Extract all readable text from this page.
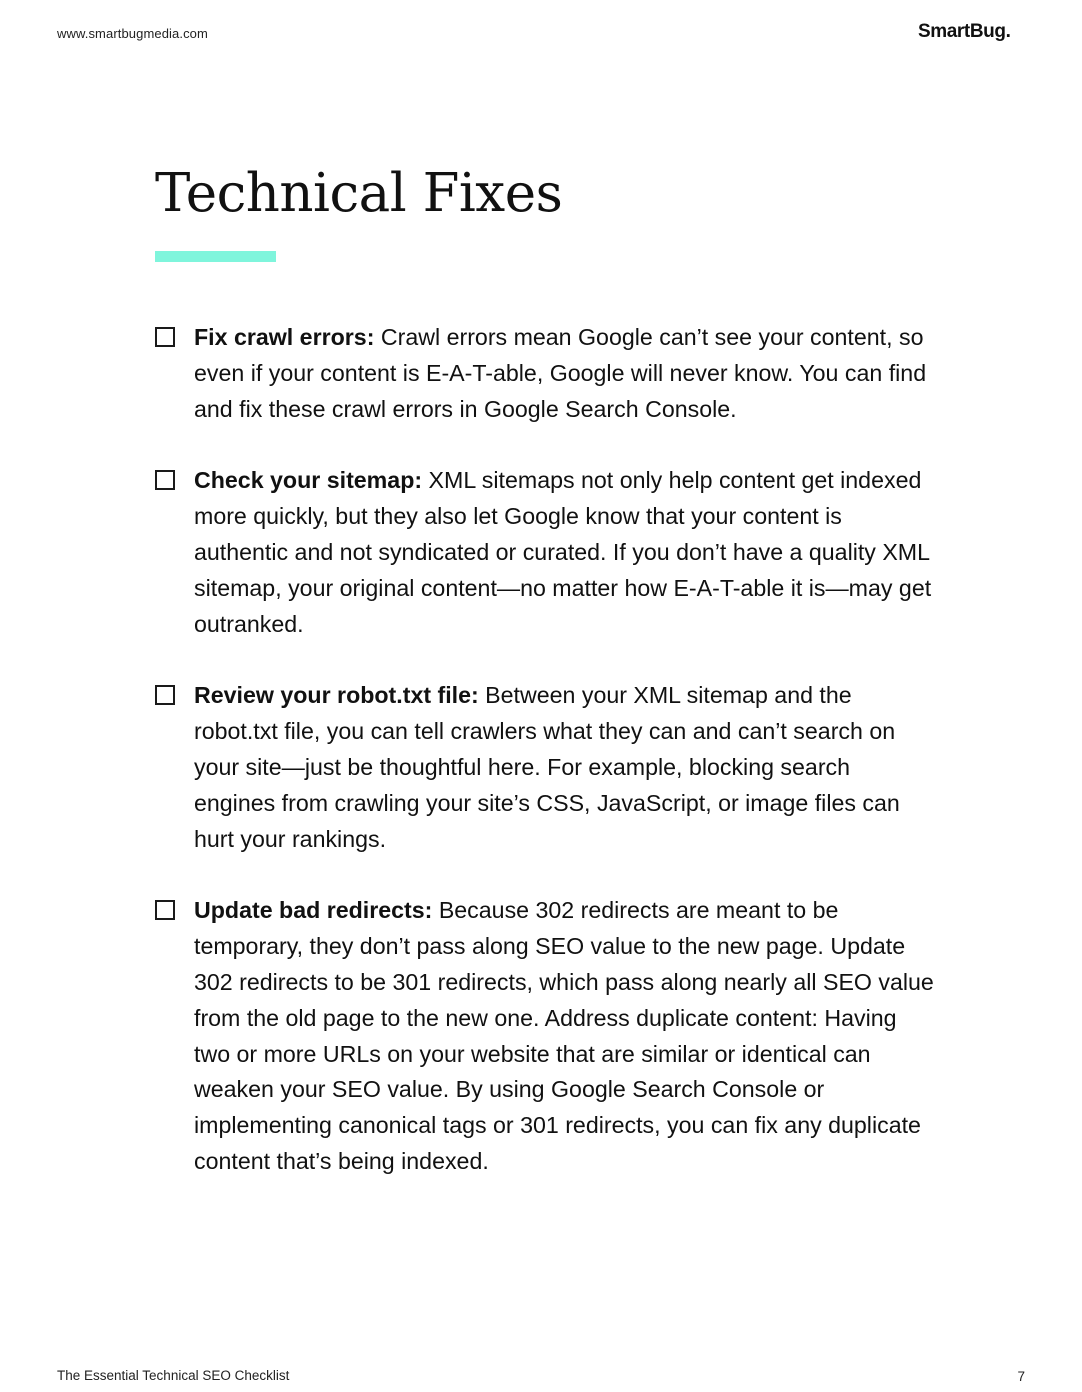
www.smartbugmedia.com	SmartBug.
Technical Fixes
Fix crawl errors: Crawl errors mean Google can’t see your content, so even if your content is E-A-T-able, Google will never know. You can find and fix these crawl errors in Google Search Console.
Check your sitemap: XML sitemaps not only help content get indexed more quickly, but they also let Google know that your content is authentic and not syndicated or curated. If you don’t have a quality XML sitemap, your original content—no matter how E-A-T-able it is—may get outranked.
Review your robot.txt file: Between your XML sitemap and the robot.txt file, you can tell crawlers what they can and can’t search on your site—just be thoughtful here. For example, blocking search engines from crawling your site’s CSS, JavaScript, or image files can hurt your rankings.
Update bad redirects: Because 302 redirects are meant to be temporary, they don’t pass along SEO value to the new page. Update 302 redirects to be 301 redirects, which pass along nearly all SEO value from the old page to the new one. Address duplicate content: Having two or more URLs on your website that are similar or identical can weaken your SEO value. By using Google Search Console or implementing canonical tags or 301 redirects, you can fix any duplicate content that’s being indexed.
The Essential Technical SEO Checklist	7
